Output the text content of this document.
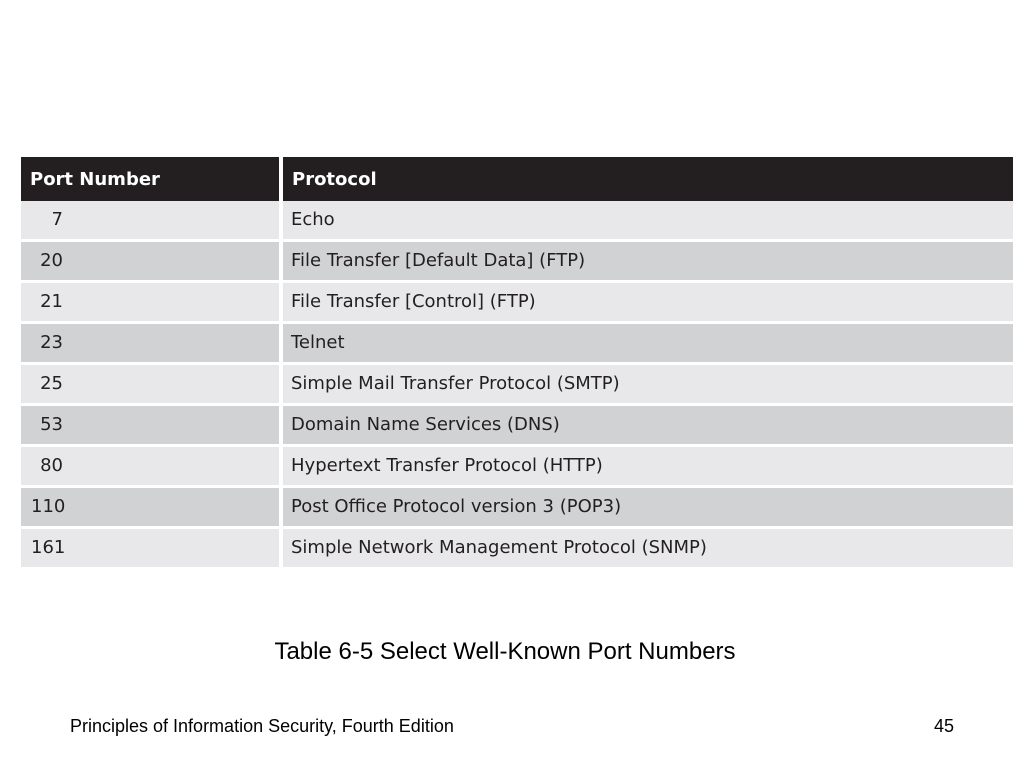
Port Number		Protocol
7		Echo
20		File Transfer [Default Data] (FTP)
21		File Transfer [Control] (FTP)
23		Telnet
25		Simple Mail Transfer Protocol (SMTP)
53		Domain Name Services (DNS)
80		Hypertext Transfer Protocol (HTTP)
110		Post Office Protocol version 3 (POP3)
161		Simple Network Management Protocol (SNMP)
Table 6-5 Select Well-Known Port Numbers
Principles of Information Security, Fourth Edition	45
